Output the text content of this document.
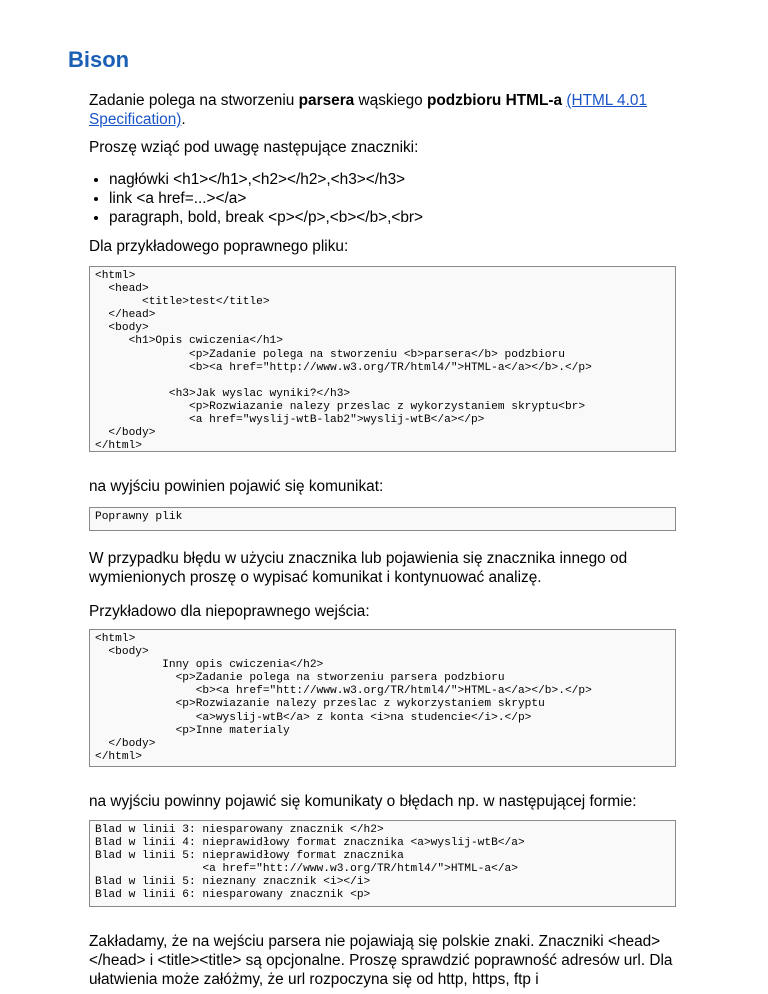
Bison

Zadanie polega na stworzeniu parsera wąskiego podzbioru HTML-a (HTML 4.01 Specification).

Proszę wziąć pod uwagę następujące znaczniki:

• nagłówki <h1></h1>,<h2></h2>,<h3></h3>
• link <a href=...></a>
• paragraph, bold, break <p></p>,<b></b>,<br>

Dla przykładowego poprawnego pliku:

<html>
<head>
<title>test</title>
</head>
<body>
<h1>Opis cwiczenia</h1>
<p>Zadanie polega na stworzeniu <b>parsera</b> podzbioru
<b><a href="http://www.w3.org/TR/html4/">HTML-a</a></b>.</p>

<h3>Jak wyslac wyniki?</h3>
<p>Rozwiazanie nalezy przeslac z wykorzystaniem skryptu<br>
<a href="wyslij-wtB-lab2">wyslij-wtB</a></p>
</body>
</html>

na wyjściu powinien pojawić się komunikat:

Poprawny plik

W przypadku błędu w użyciu znacznika lub pojawienia się znacznika innego od wymienionych proszę o wypisać komunikat i kontynuować analizę.

Przykładowo dla niepoprawnego wejścia:

<html>
<body>
Inny opis cwiczenia</h2>
<p>Zadanie polega na stworzeniu parsera podzbioru
<b><a href="htt://www.w3.org/TR/html4/">HTML-a</a></b>.</p>
<p>Rozwiazanie nalezy przeslac z wykorzystaniem skryptu
<a>wyslij-wtB</a> z konta <i>na studencie</i>.</p>
<p>Inne materialy
</body>
</html>

na wyjściu powinny pojawić się komunikaty o błędach np. w następującej formie:

Blad w linii 3: niesparowany znacznik </h2>
Blad w linii 4: nieprawidłowy format znacznika <a>wyslij-wtB</a>
Blad w linii 5: nieprawidłowy format znacznika
<a href="htt://www.w3.org/TR/html4/">HTML-a</a>
Blad w linii 5: nieznany znacznik <i></i>
Blad w linii 6: niesparowany znacznik <p>

Zakładamy, że na wejściu parsera nie pojawiają się polskie znaki. Znaczniki <head></head> i <title><title> są opcjonalne. Proszę sprawdzić poprawność adresów url. Dla ułatwienia może załóżmy, że url rozpoczyna się od http, https, ftp i
